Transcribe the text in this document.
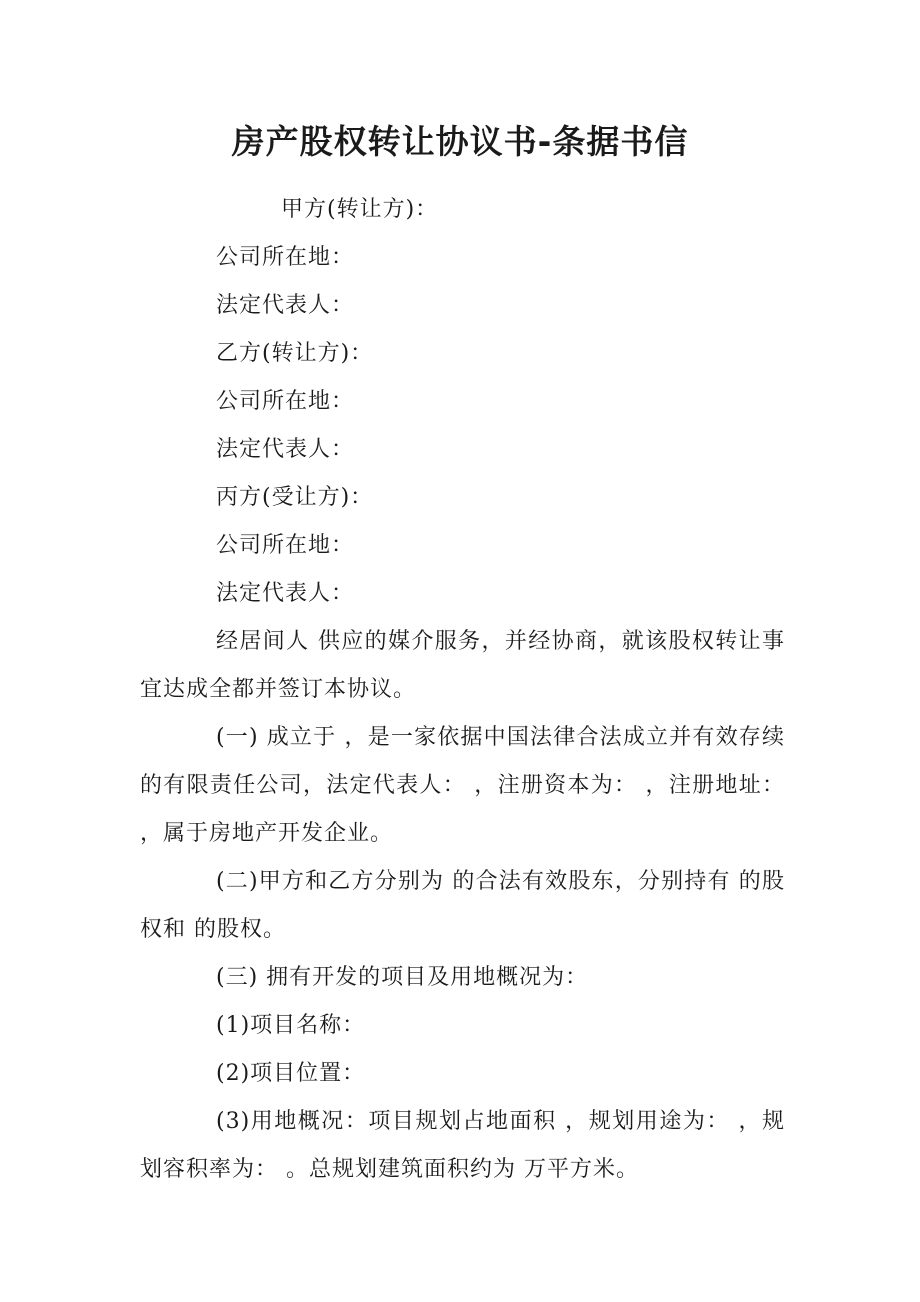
房产股权转让协议书-条据书信

甲方(转让方)：

公司所在地：

法定代表人：

乙方(转让方)：

公司所在地：

法定代表人：

丙方(受让方)：

公司所在地：

法定代表人：

经居间人 供应的媒介服务，并经协商，就该股权转让事宜达成全都并签订本协议。

(一) 成立于 ，是一家依据中国法律合法成立并有效存续的有限责任公司，法定代表人： ，注册资本为： ，注册地址： ，属于房地产开发企业。

(二)甲方和乙方分别为 的合法有效股东，分别持有 的股权和 的股权。

(三) 拥有开发的项目及用地概况为：

(1)项目名称：

(2)项目位置：

(3)用地概况：项目规划占地面积 ，规划用途为： ，规划容积率为： 。总规划建筑面积约为 万平方米。
